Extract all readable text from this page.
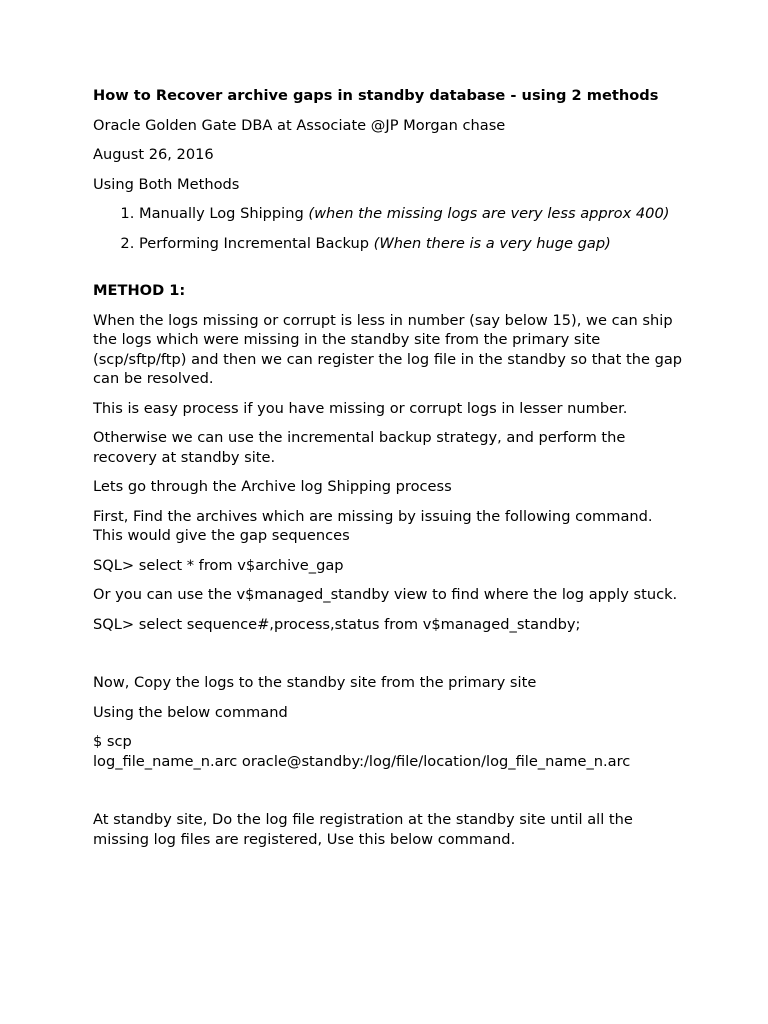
How to Recover archive gaps in standby database - using 2 methods

Oracle Golden Gate DBA at Associate @JP Morgan chase

August 26, 2016

Using Both Methods

1. Manually Log Shipping (when the missing logs are very less approx 400)
2. Performing Incremental Backup (When there is a very huge gap)

METHOD 1:

When the logs missing or corrupt is less in number (say below 15), we can ship the logs which were missing in the standby site from the primary site (scp/sftp/ftp) and then we can register the log file in the standby so that the gap can be resolved.

This is easy process if you have missing or corrupt logs in lesser number.

Otherwise we can use the incremental backup strategy, and perform the recovery at standby site.

Lets go through the Archive log Shipping process

First, Find the archives which are missing by issuing the following command. This would give the gap sequences

SQL> select * from v$archive_gap

Or you can use the v$managed_standby view to find where the log apply stuck.

SQL> select sequence#,process,status from v$managed_standby;

Now, Copy the logs to the standby site from the primary site

Using the below command

$ scp
log_file_name_n.arc oracle@standby:/log/file/location/log_file_name_n.arc

At standby site, Do the log file registration at the standby site until all the missing log files are registered, Use this below command.
